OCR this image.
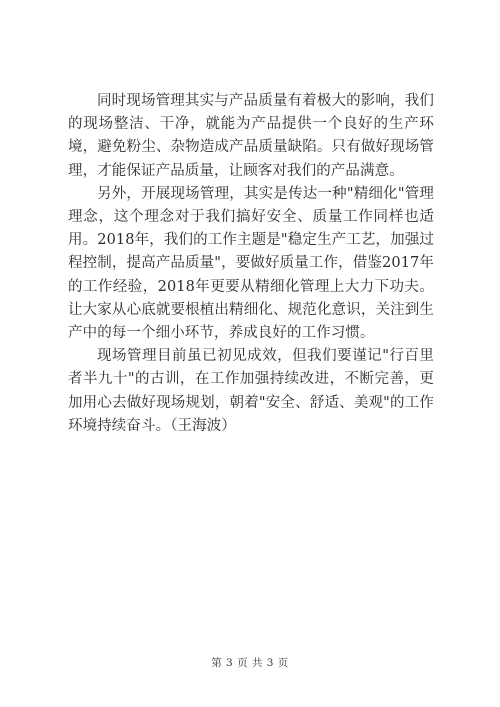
同时现场管理其实与产品质量有着极大的影响，我们的现场整洁、干净，就能为产品提供一个良好的生产环境，避免粉尘、杂物造成产品质量缺陷。只有做好现场管理，才能保证产品质量，让顾客对我们的产品满意。

另外，开展现场管理，其实是传达一种"精细化"管理理念，这个理念对于我们搞好安全、质量工作同样也适用。2018年，我们的工作主题是"稳定生产工艺，加强过程控制，提高产品质量"，要做好质量工作，借鉴2017年的工作经验，2018年更要从精细化管理上大力下功夫。让大家从心底就要根植出精细化、规范化意识，关注到生产中的每一个细小环节，养成良好的工作习惯。

现场管理目前虽已初见成效，但我们要谨记"行百里者半九十"的古训，在工作加强持续改进，不断完善，更加用心去做好现场规划，朝着"安全、舒适、美观"的工作环境持续奋斗。（王海波）

第 3 页 共 3 页
